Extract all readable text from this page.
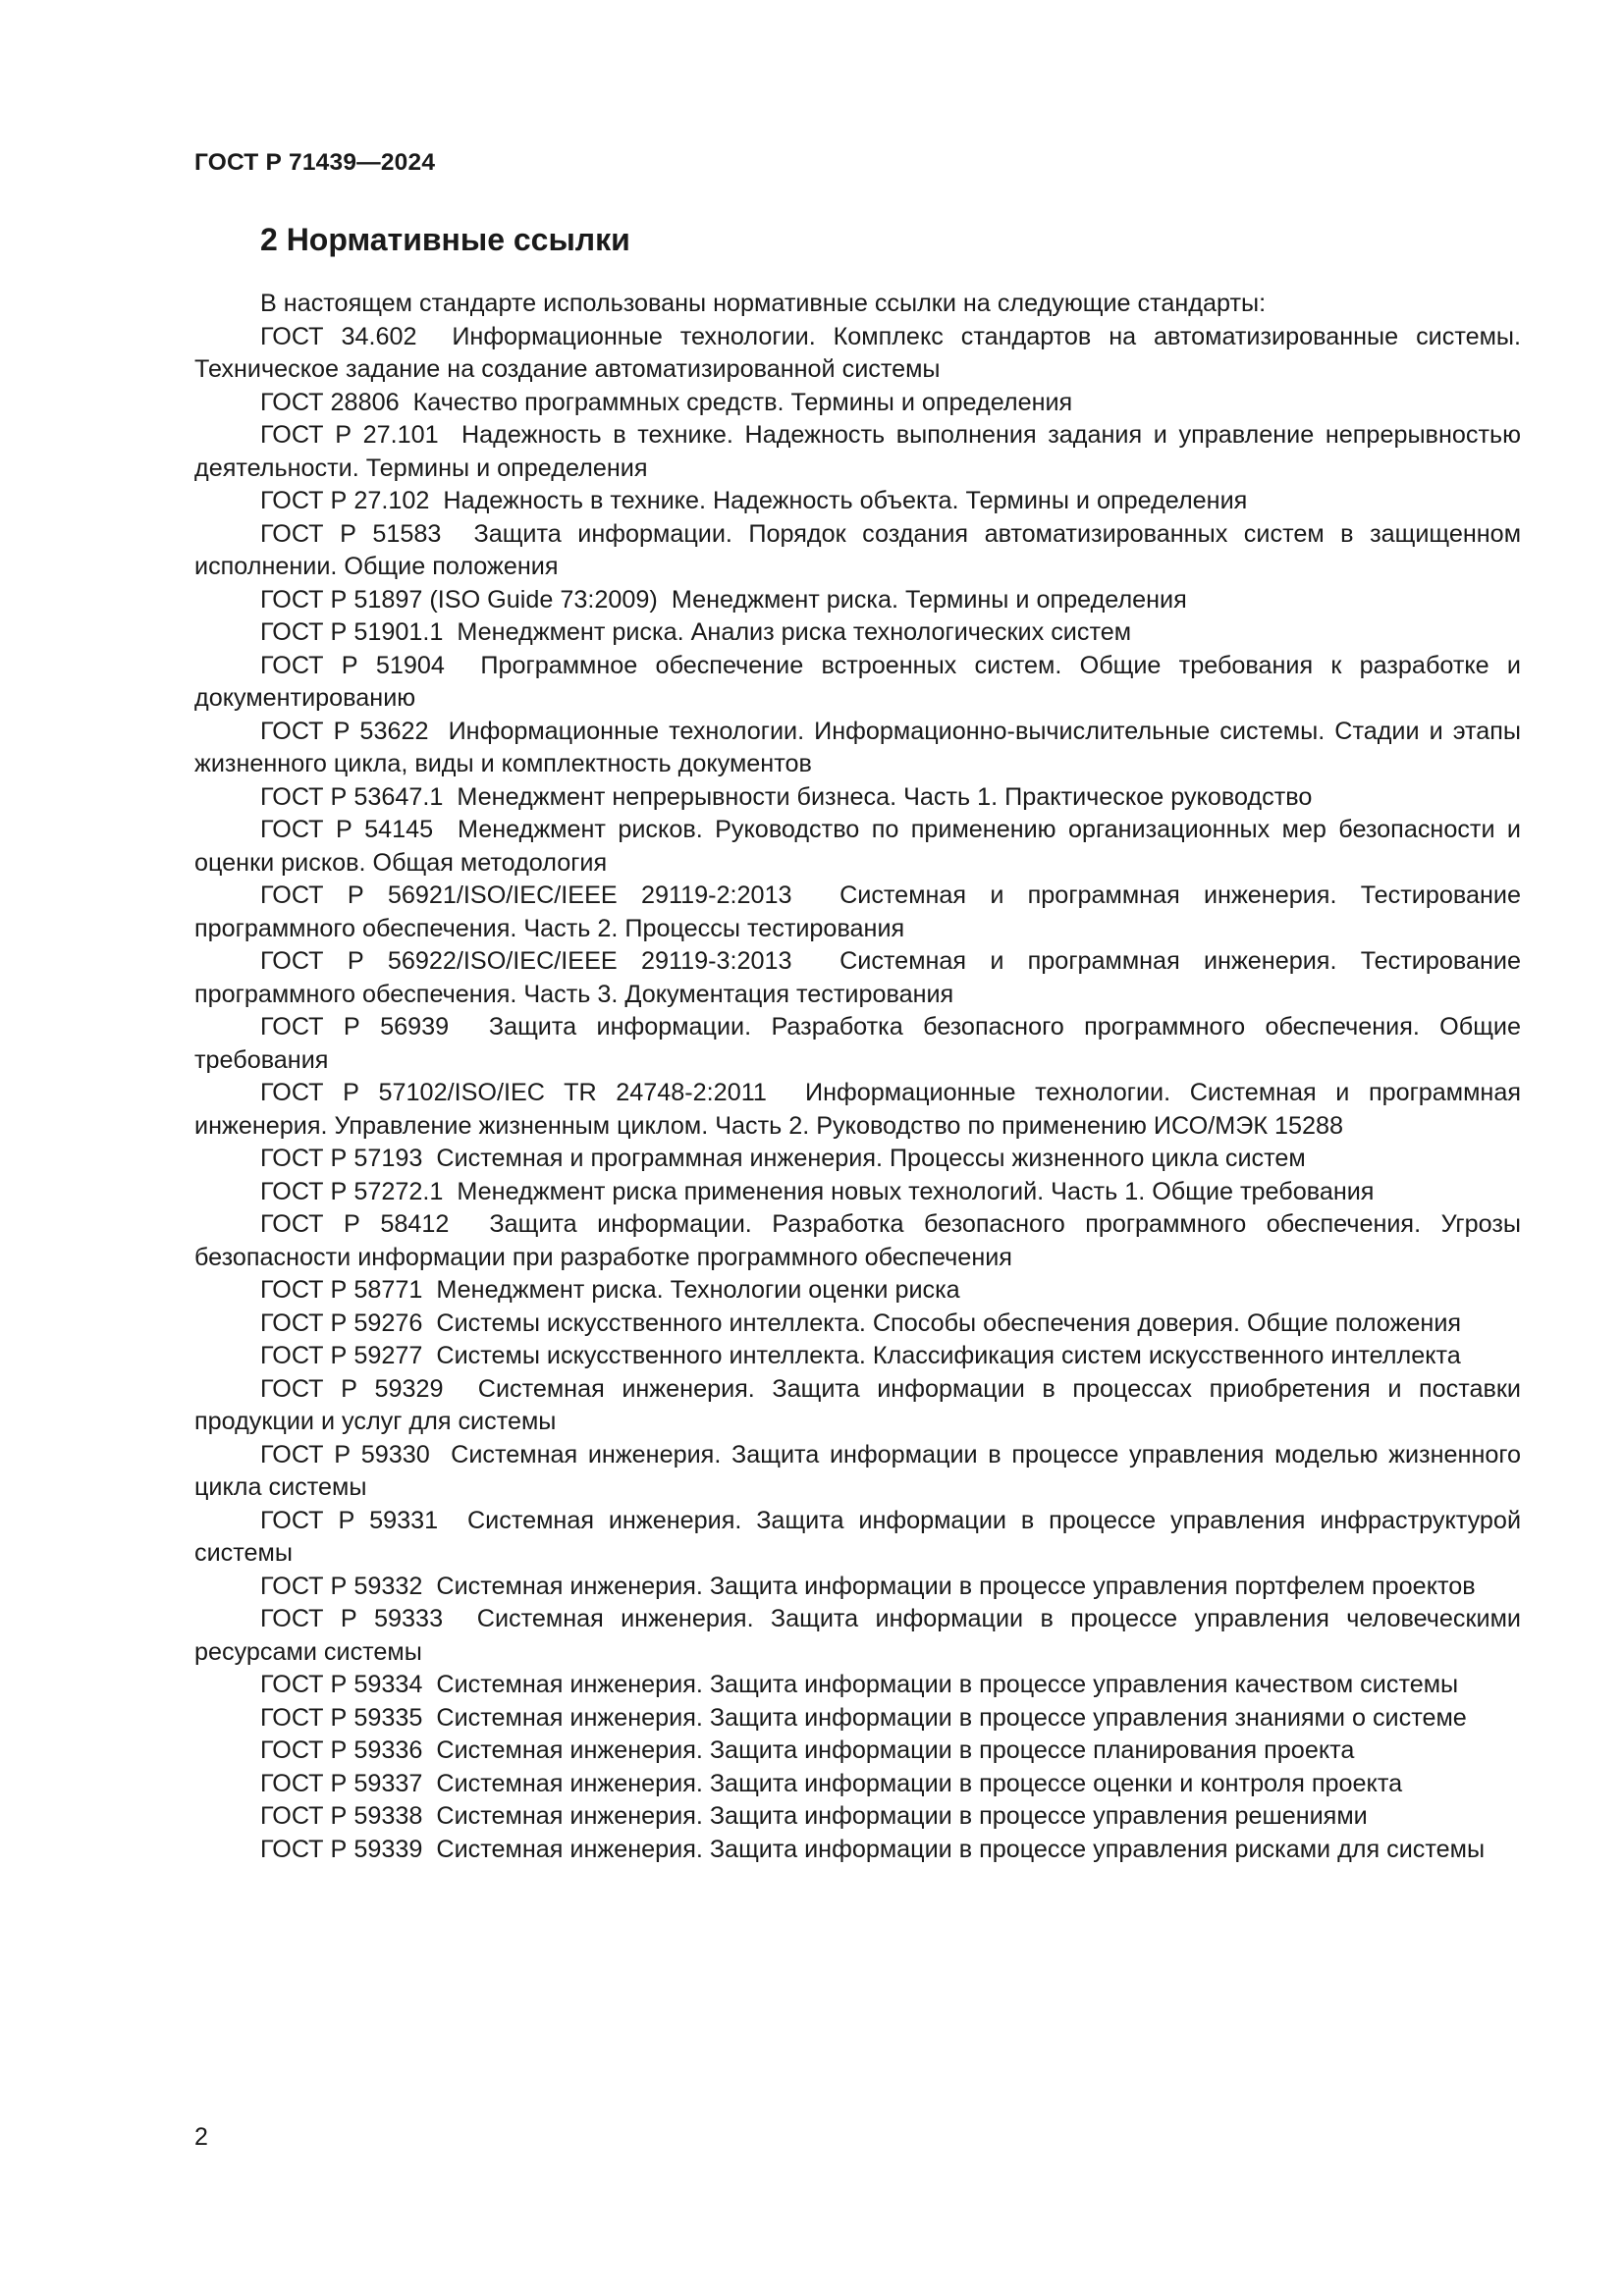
ГОСТ Р 71439—2024
2 Нормативные ссылки

В настоящем стандарте использованы нормативные ссылки на следующие стандарты:

ГОСТ 34.602 Информационные технологии. Комплекс стандартов на автоматизированные системы. Техническое задание на создание автоматизированной системы

ГОСТ 28806 Качество программных средств. Термины и определения

ГОСТ Р 27.101 Надежность в технике. Надежность выполнения задания и управление непрерывностью деятельности. Термины и определения

ГОСТ Р 27.102 Надежность в технике. Надежность объекта. Термины и определения

ГОСТ Р 51583 Защита информации. Порядок создания автоматизированных систем в защищенном исполнении. Общие положения

ГОСТ Р 51897 (ISO Guide 73:2009) Менеджмент риска. Термины и определения

ГОСТ Р 51901.1 Менеджмент риска. Анализ риска технологических систем

ГОСТ Р 51904 Программное обеспечение встроенных систем. Общие требования к разработке и документированию

ГОСТ Р 53622 Информационные технологии. Информационно-вычислительные системы. Стадии и этапы жизненного цикла, виды и комплектность документов

ГОСТ Р 53647.1 Менеджмент непрерывности бизнеса. Часть 1. Практическое руководство

ГОСТ Р 54145 Менеджмент рисков. Руководство по применению организационных мер безопасности и оценки рисков. Общая методология

ГОСТ Р 56921/ISO/IEC/IEEE 29119-2:2013 Системная и программная инженерия. Тестирование программного обеспечения. Часть 2. Процессы тестирования

ГОСТ Р 56922/ISO/IEC/IEEE 29119-3:2013 Системная и программная инженерия. Тестирование программного обеспечения. Часть 3. Документация тестирования

ГОСТ Р 56939 Защита информации. Разработка безопасного программного обеспечения. Общие требования

ГОСТ Р 57102/ISO/IEC TR 24748-2:2011 Информационные технологии. Системная и программная инженерия. Управление жизненным циклом. Часть 2. Руководство по применению ИСО/МЭК 15288

ГОСТ Р 57193 Системная и программная инженерия. Процессы жизненного цикла систем

ГОСТ Р 57272.1 Менеджмент риска применения новых технологий. Часть 1. Общие требования

ГОСТ Р 58412 Защита информации. Разработка безопасного программного обеспечения. Угрозы безопасности информации при разработке программного обеспечения

ГОСТ Р 58771 Менеджмент риска. Технологии оценки риска

ГОСТ Р 59276 Системы искусственного интеллекта. Способы обеспечения доверия. Общие положения

ГОСТ Р 59277 Системы искусственного интеллекта. Классификация систем искусственного интеллекта

ГОСТ Р 59329 Системная инженерия. Защита информации в процессах приобретения и поставки продукции и услуг для системы

ГОСТ Р 59330 Системная инженерия. Защита информации в процессе управления моделью жизненного цикла системы

ГОСТ Р 59331 Системная инженерия. Защита информации в процессе управления инфраструктурой системы

ГОСТ Р 59332 Системная инженерия. Защита информации в процессе управления портфелем проектов

ГОСТ Р 59333 Системная инженерия. Защита информации в процессе управления человеческими ресурсами системы

ГОСТ Р 59334 Системная инженерия. Защита информации в процессе управления качеством системы

ГОСТ Р 59335 Системная инженерия. Защита информации в процессе управления знаниями о системе

ГОСТ Р 59336 Системная инженерия. Защита информации в процессе планирования проекта

ГОСТ Р 59337 Системная инженерия. Защита информации в процессе оценки и контроля проекта

ГОСТ Р 59338 Системная инженерия. Защита информации в процессе управления решениями

ГОСТ Р 59339 Системная инженерия. Защита информации в процессе управления рисками для системы

2
